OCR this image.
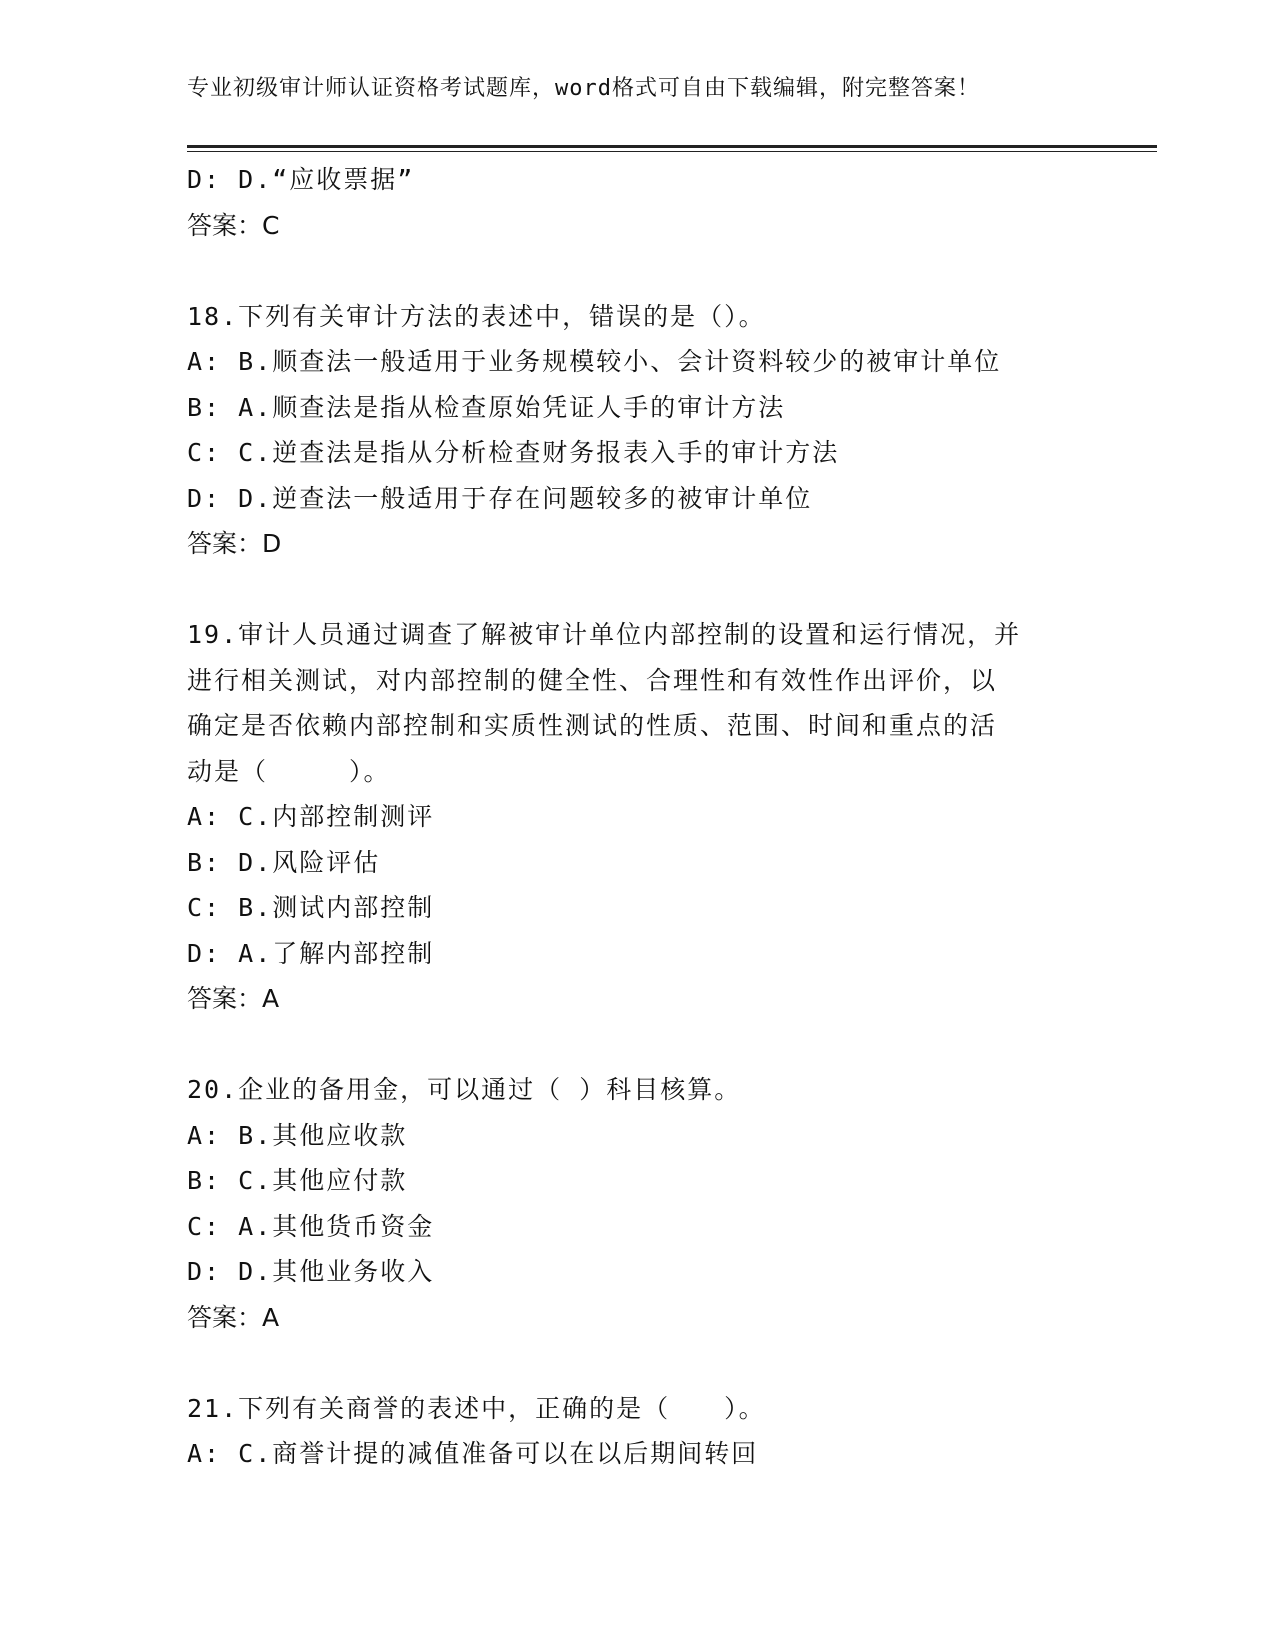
专业初级审计师认证资格考试题库，word格式可自由下载编辑，附完整答案！
D: D.“应收票据”
答案：C
18.下列有关审计方法的表述中，错误的是（）。
A: B.顺查法一般适用于业务规模较小、会计资料较少的被审计单位
B: A.顺查法是指从检查原始凭证人手的审计方法
C: C.逆查法是指从分析检查财务报表入手的审计方法
D: D.逆查法一般适用于存在问题较多的被审计单位
答案：D
19.审计人员通过调查了解被审计单位内部控制的设置和运行情况，并
进行相关测试，对内部控制的健全性、合理性和有效性作出评价，以
确定是否依赖内部控制和实质性测试的性质、范围、时间和重点的活
动是（　　　）。
A: C.内部控制测评
B: D.风险评估
C: B.测试内部控制
D: A.了解内部控制
答案：A
20.企业的备用金，可以通过（ ）科目核算。
A: B.其他应收款
B: C.其他应付款
C: A.其他货币资金
D: D.其他业务收入
答案：A
21.下列有关商誉的表述中，正确的是（　　）。
A: C.商誉计提的减值准备可以在以后期间转回
